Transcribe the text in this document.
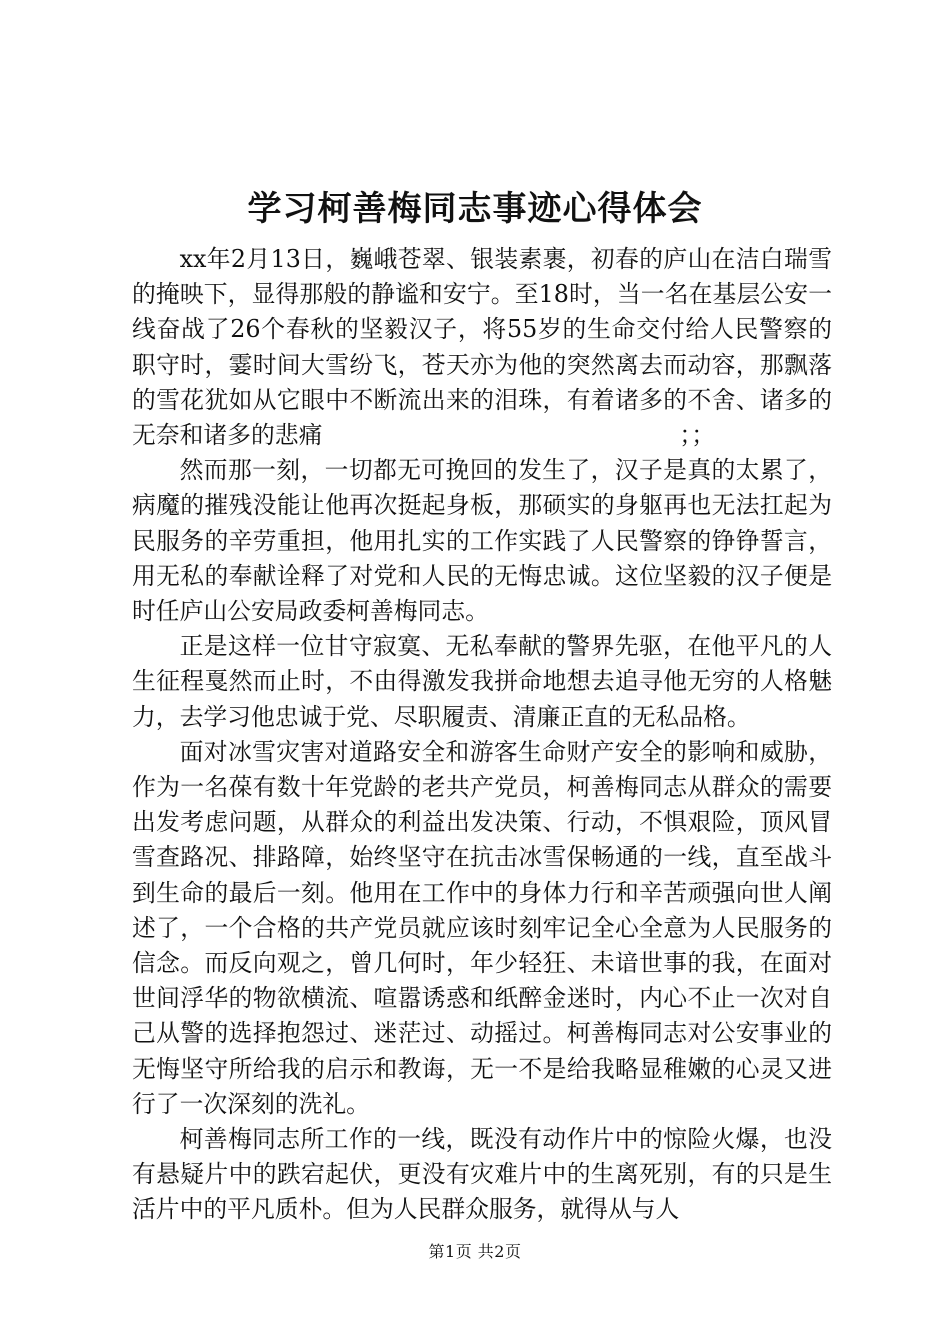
学习柯善梅同志事迹心得体会

xx年2月13日，巍峨苍翠、银装素裹，初春的庐山在洁白瑞雪的掩映下，显得那般的静谧和安宁。至18时，当一名在基层公安一线奋战了26个春秋的坚毅汉子，将55岁的生命交付给人民警察的职守时，霎时间大雪纷飞，苍天亦为他的突然离去而动容，那飘落的雪花犹如从它眼中不断流出来的泪珠，有着诸多的不舍、诸多的无奈和诸多的悲痛　　　　　　　　　　　　　　　；；

然而那一刻，一切都无可挽回的发生了，汉子是真的太累了，病魔的摧残没能让他再次挺起身板，那硕实的身躯再也无法扛起为民服务的辛劳重担，他用扎实的工作实践了人民警察的铮铮誓言，用无私的奉献诠释了对党和人民的无悔忠诚。这位坚毅的汉子便是时任庐山公安局政委柯善梅同志。

正是这样一位甘守寂寞、无私奉献的警界先驱，在他平凡的人生征程戛然而止时，不由得激发我拼命地想去追寻他无穷的人格魅力，去学习他忠诚于党、尽职履责、清廉正直的无私品格。

面对冰雪灾害对道路安全和游客生命财产安全的影响和威胁，作为一名葆有数十年党龄的老共产党员，柯善梅同志从群众的需要出发考虑问题，从群众的利益出发决策、行动，不惧艰险，顶风冒雪查路况、排路障，始终坚守在抗击冰雪保畅通的一线，直至战斗到生命的最后一刻。他用在工作中的身体力行和辛苦顽强向世人阐述了，一个合格的共产党员就应该时刻牢记全心全意为人民服务的信念。而反向观之，曾几何时，年少轻狂、未谙世事的我，在面对世间浮华的物欲横流、喧嚣诱惑和纸醉金迷时，内心不止一次对自己从警的选择抱怨过、迷茫过、动摇过。柯善梅同志对公安事业的无悔坚守所给我的启示和教诲，无一不是给我略显稚嫩的心灵又进行了一次深刻的洗礼。

柯善梅同志所工作的一线，既没有动作片中的惊险火爆，也没有悬疑片中的跌宕起伏，更没有灾难片中的生离死别，有的只是生活片中的平凡质朴。但为人民群众服务，就得从与人

第1页 共2页
